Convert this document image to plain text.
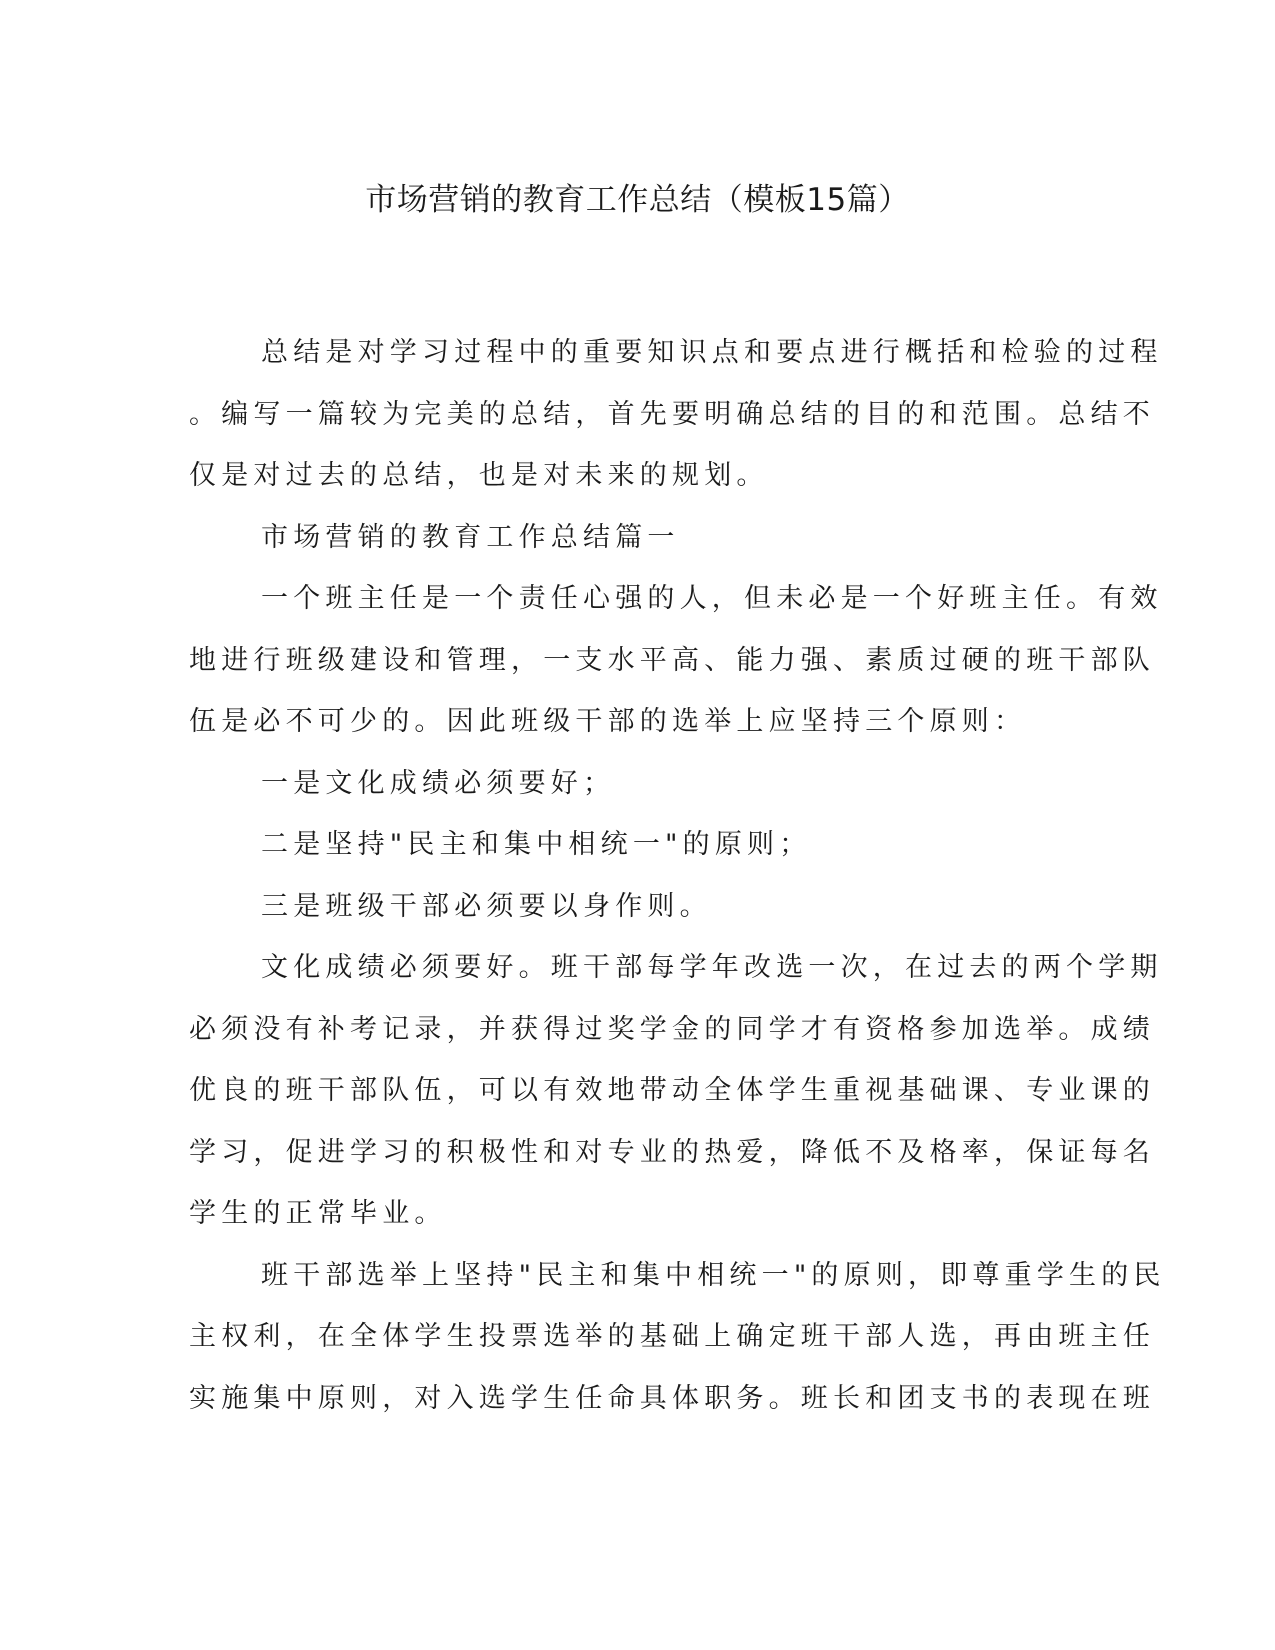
市场营销的教育工作总结（模板15篇）
总结是对学习过程中的重要知识点和要点进行概括和检验的过程
。编写一篇较为完美的总结，首先要明确总结的目的和范围。总结不
仅是对过去的总结，也是对未来的规划。
市场营销的教育工作总结篇一
一个班主任是一个责任心强的人，但未必是一个好班主任。有效
地进行班级建设和管理，一支水平高、能力强、素质过硬的班干部队
伍是必不可少的。因此班级干部的选举上应坚持三个原则：
一是文化成绩必须要好；
二是坚持"民主和集中相统一"的原则；
三是班级干部必须要以身作则。
文化成绩必须要好。班干部每学年改选一次，在过去的两个学期
必须没有补考记录，并获得过奖学金的同学才有资格参加选举。成绩
优良的班干部队伍，可以有效地带动全体学生重视基础课、专业课的
学习，促进学习的积极性和对专业的热爱，降低不及格率，保证每名
学生的正常毕业。
班干部选举上坚持"民主和集中相统一"的原则，即尊重学生的民
主权利，在全体学生投票选举的基础上确定班干部人选，再由班主任
实施集中原则，对入选学生任命具体职务。班长和团支书的表现在班
